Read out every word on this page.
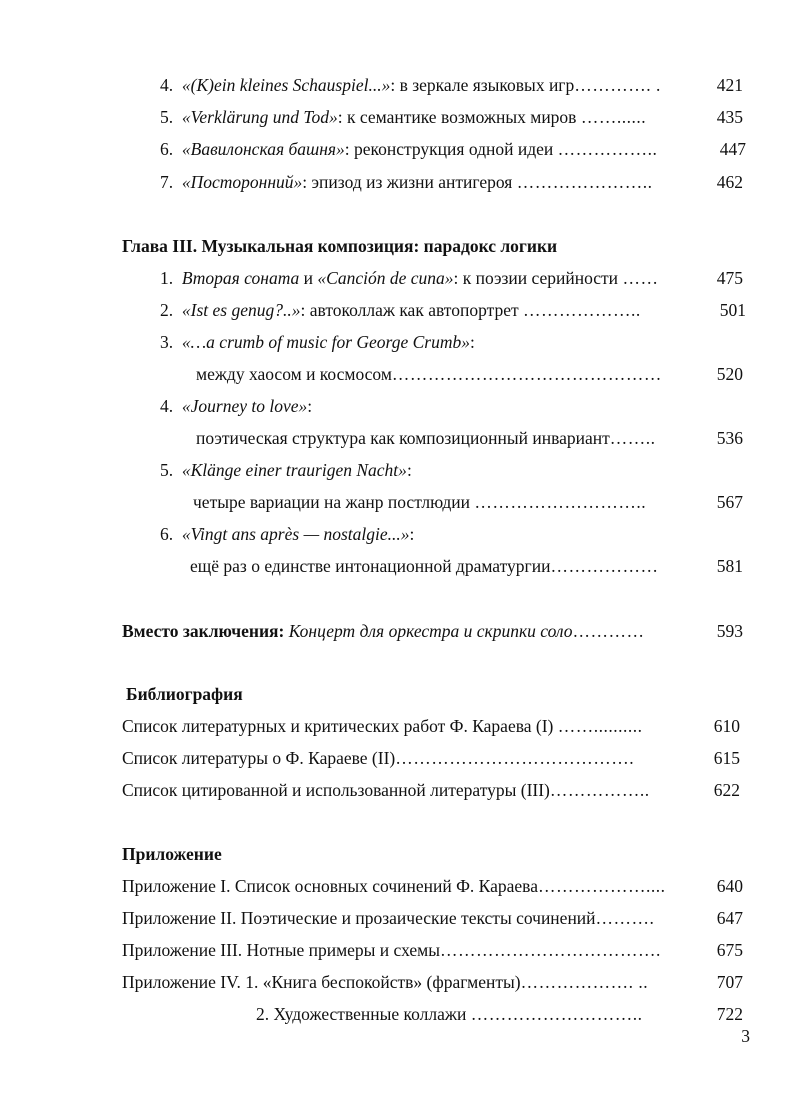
4. «(K)ein kleines Schauspiel...»: в зеркале языковых игр…………. .	421
5. «Verklärung und Tod»: к семантике возможных миров ……......	435
6. «Вавилонская башня»: реконструкция одной идеи ……………..	447
7. «Посторонний»: эпизод из жизни антигероя …………………..	462
Глава III. Музыкальная композиция: парадокс логики
1. Вторая соната и «Canción de cuna»: к поэзии серийности ……	475
2. «Ist es genug?..»: автоколлаж как автопортрет ………………..	501
3. «…a crumb of music for George Crumb»:
между хаосом и космосом………………………………………	520
4. «Journey to love»:
поэтическая структура как композиционный инвариант……..	536
5. «Klänge einer traurigen Nacht»:
четыре вариации на жанр постлюдии ………………………..	567
6. «Vingt ans après — nostalgie...»:
ещё раз о единстве интонационной драматургии………………	581
Вместо заключения: Концерт для оркестра и скрипки соло…………	593
Библиография
Список литературных и критических работ Ф. Караева (I) ……..........	610
Список литературы о Ф. Караеве (II)………………………………….	615
Список цитированной и использованной литературы (III)……………..	622
Приложение
Приложение I. Список основных сочинений Ф. Караева………………....	640
Приложение II. Поэтические и прозаические тексты сочинений……….	647
Приложение III. Нотные примеры и схемы……………………………….	675
Приложение IV. 1. «Книга беспокойств» (фрагменты)………………. ..	707
2. Художественные коллажи ………………………..	722
3
